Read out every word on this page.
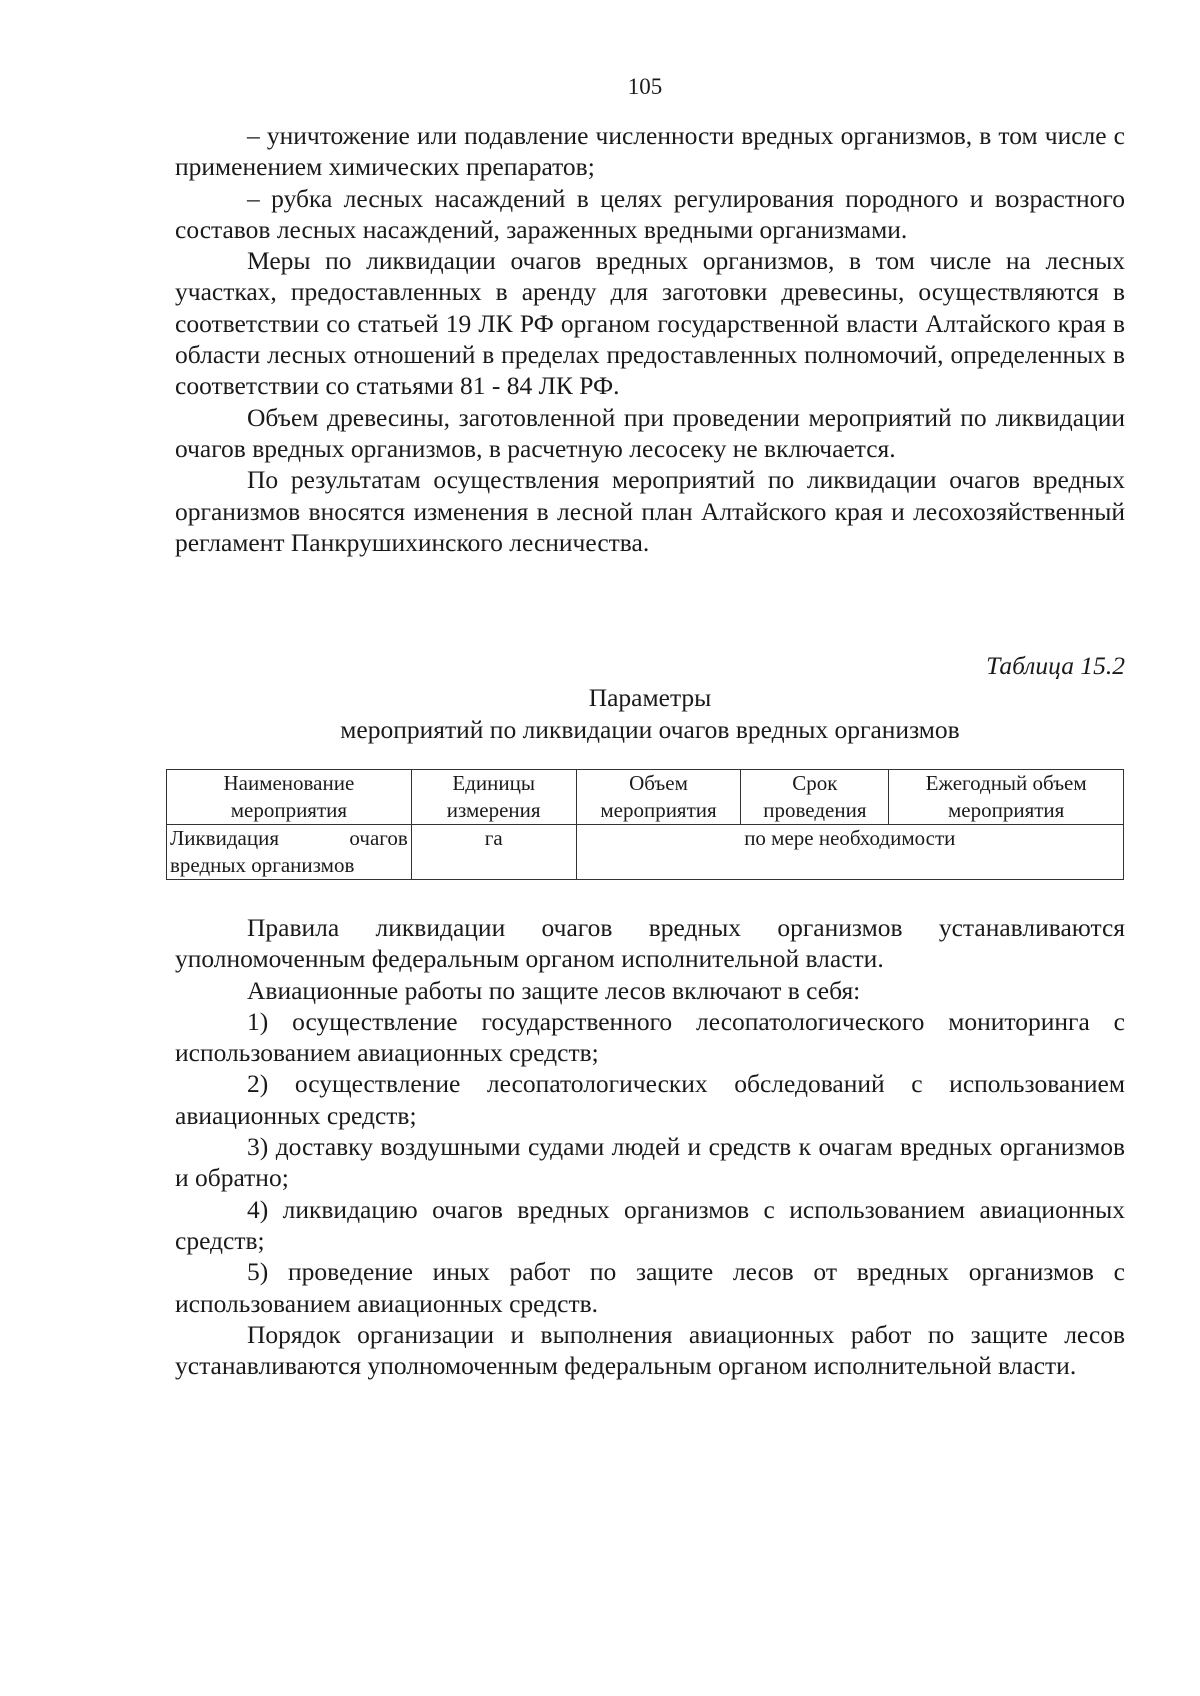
105

– уничтожение или подавление численности вредных организмов, в том числе с применением химических препаратов;

– рубка лесных насаждений в целях регулирования породного и возрастного составов лесных насаждений, зараженных вредными организмами.

Меры по ликвидации очагов вредных организмов, в том числе на лесных участках, предоставленных в аренду для заготовки древесины, осуществляются в соответствии со статьей 19 ЛК РФ органом государственной власти Алтайского края в области лесных отношений в пределах предоставленных полномочий, определенных в соответствии со статьями 81 - 84 ЛК РФ.

Объем древесины, заготовленной при проведении мероприятий по ликвидации очагов вредных организмов, в расчетную лесосеку не включается.

По результатам осуществления мероприятий по ликвидации очагов вредных организмов вносятся изменения в лесной план Алтайского края и лесохозяйственный регламент Панкрушихинского лесничества.

Таблица 15.2
Параметры
мероприятий по ликвидации очагов вредных организмов
Наименование мероприятия	Единицы измерения	Объем мероприятия	Срок проведения	Ежегодный объем мероприятия

Ликвидация очагов
вредных организмов	га	по мере необходимости		

Правила ликвидации очагов вредных организмов устанавливаются уполномоченным федеральным органом исполнительной власти.

Авиационные работы по защите лесов включают в себя:

1) осуществление государственного лесопатологического мониторинга с использованием авиационных средств;

2) осуществление лесопатологических обследований с использованием авиационных средств;

3) доставку воздушными судами людей и средств к очагам вредных организмов и обратно;

4) ликвидацию очагов вредных организмов с использованием авиационных средств;

5) проведение иных работ по защите лесов от вредных организмов с использованием авиационных средств.

Порядок организации и выполнения авиационных работ по защите лесов устанавливаются уполномоченным федеральным органом исполнительной власти.
